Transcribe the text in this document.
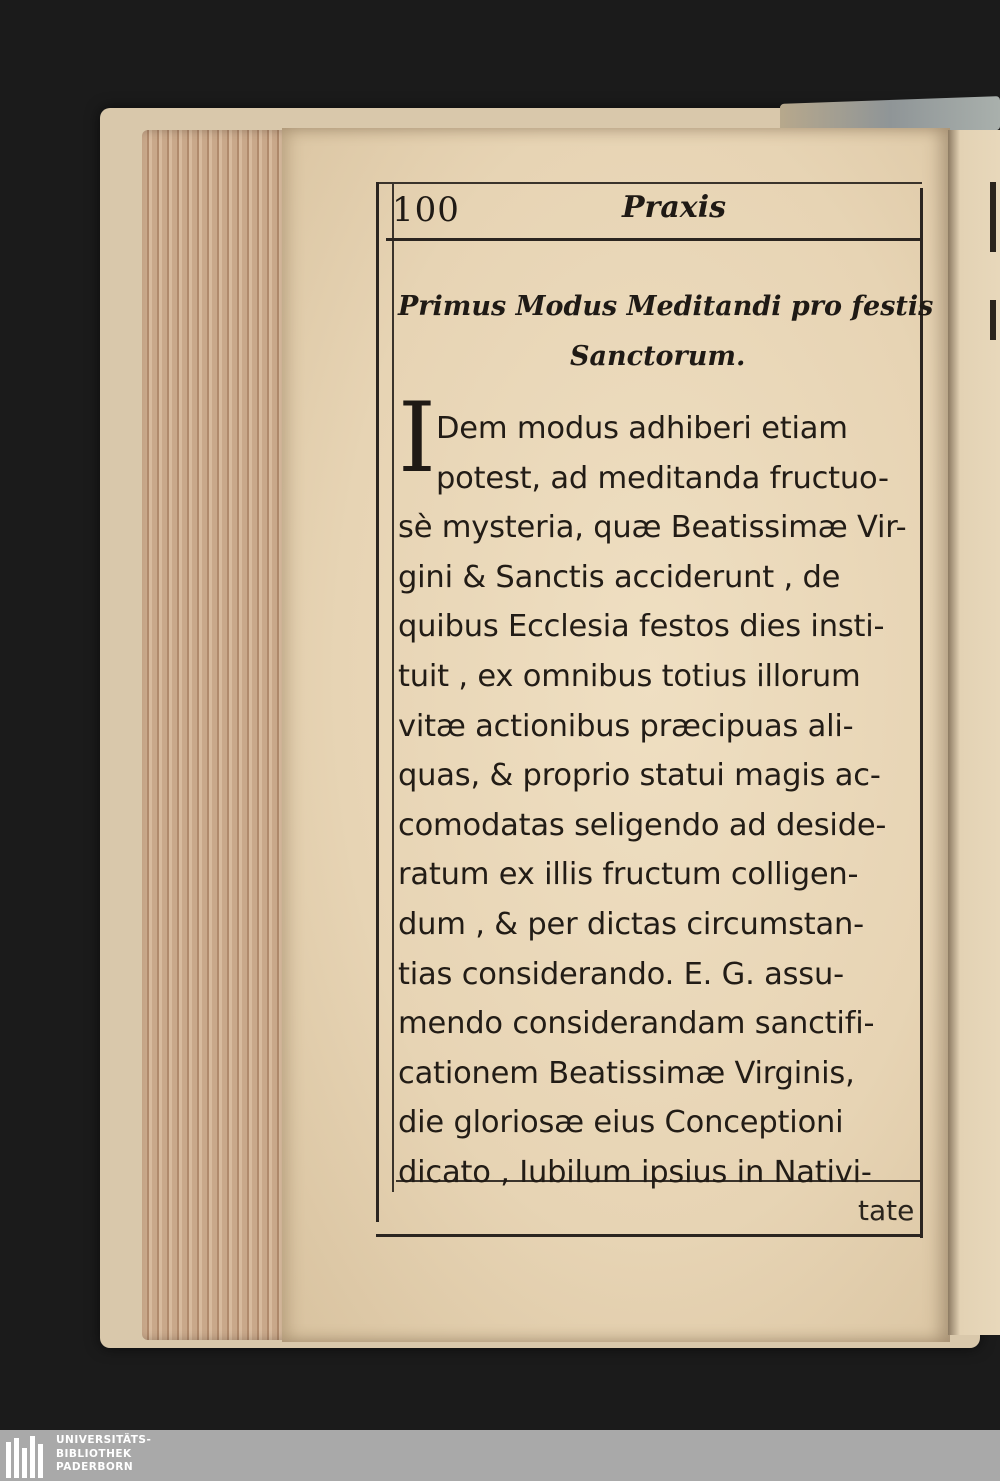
100	Praxis
Primus Modus Meditandi pro festis
Sanctorum.
I Dem modus adhiberi etiam
potest, ad meditanda fructuo-
sè mysteria, quæ Beatissimæ Vir-
gini & Sanctis acciderunt , de
quibus Ecclesia festos dies insti-
tuit , ex omnibus totius illorum
vitæ actionibus præcipuas ali-
quas, & proprio statui magis ac-
comodatas seligendo ad deside-
ratum ex illis fructum colligen-
dum , & per dictas circumstan-
tias considerando. E. G. assu-
mendo considerandam sanctifi-
cationem Beatissimæ Virginis,
die gloriosæ eius Conceptioni
dicato , Iubilum ipsius in Nativi-
tate
UNIVERSITÄTS-
BIBLIOTHEK
PADERBORN
